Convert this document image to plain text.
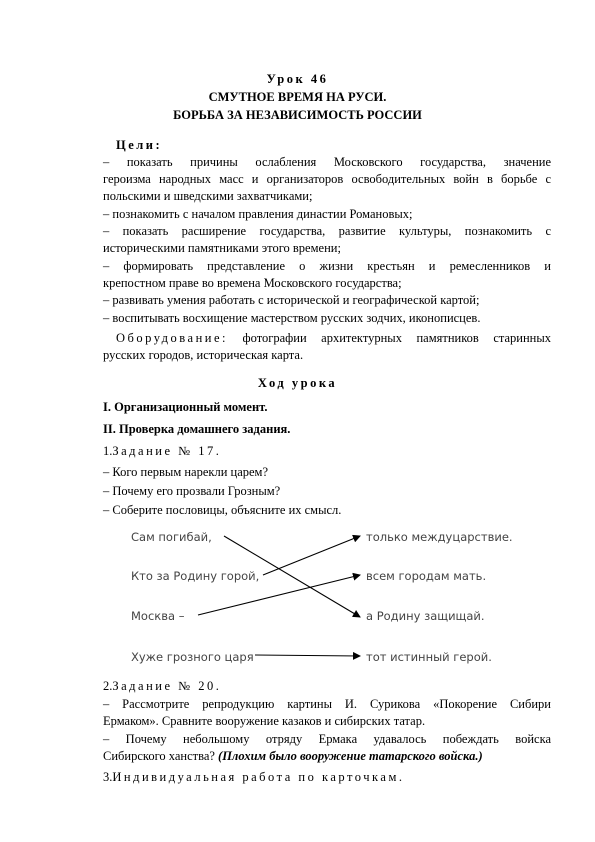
Урок 46
СМУТНОЕ ВРЕМЯ НА РУСИ.
БОРЬБА ЗА НЕЗАВИСИМОСТЬ РОССИИ
Цели:
– показать причины ослабления Московского государства, значение
героизма народных масс и организаторов освободительных войн в борьбе с
польскими и шведскими захватчиками;
– познакомить с началом правления династии Романовых;
– показать расширение государства, развитие культуры, познакомить с
историческими памятниками этого времени;
– формировать представление о жизни крестьян и ремесленников и
крепостном праве во времена Московского государства;
– развивать умения работать с исторической и географической картой;
– воспитывать восхищение мастерством русских зодчих, иконописцев.
Оборудование: фотографии архитектурных памятников старинных
русских городов, историческая карта.
Ход урока
I. Организационный момент.
II. Проверка домашнего задания.
1.Задание № 17.
– Кого первым нарекли царем?
– Почему его прозвали Грозным?
– Соберите пословицы, объясните их смысл.
Сам погибай,
Кто за Родину горой,
Москва –
Хуже грозного царя
только междуцарствие.
всем городам мать.
а Родину защищай.
тот истинный герой.
2.Задание № 20.
– Рассмотрите репродукцию картины И. Сурикова «Покорение Сибири
Ермаком». Сравните вооружение казаков и сибирских татар.
– Почему небольшому отряду Ермака удавалось побеждать войска
Сибирского ханства? (Плохим было вооружение татарского войска.)
3.Индивидуальная работа по карточкам.
